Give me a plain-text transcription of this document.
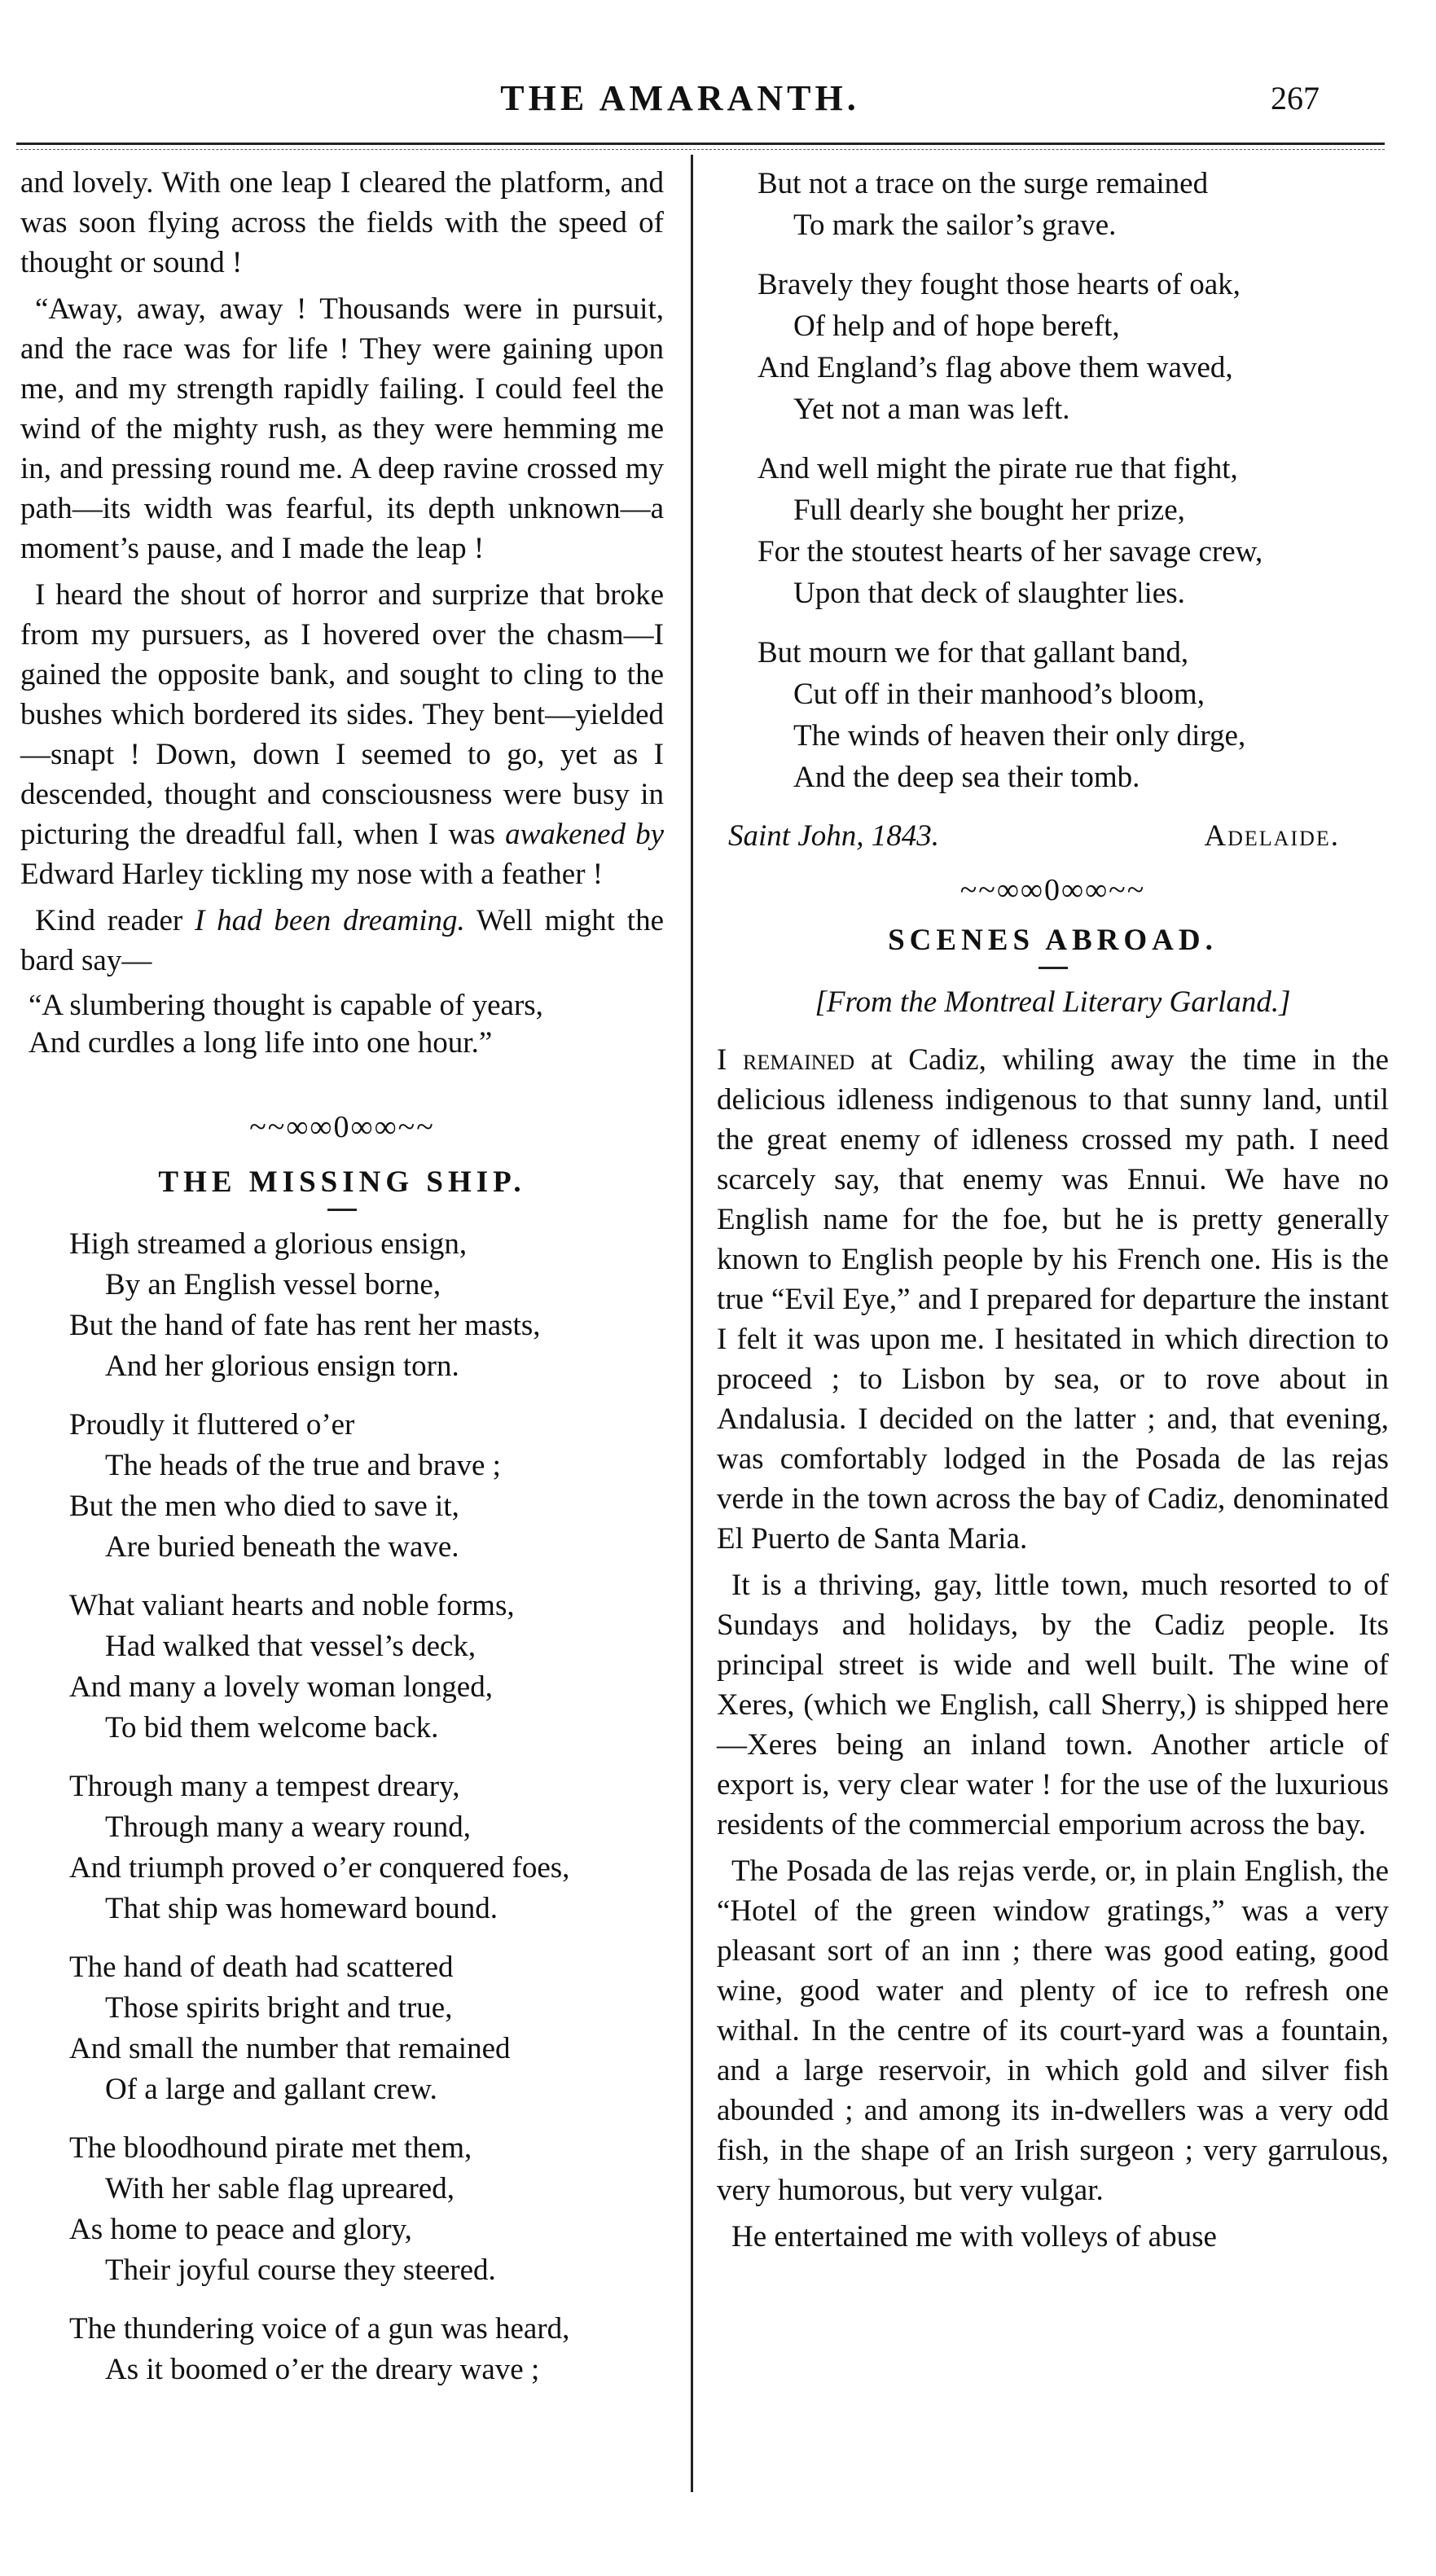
THE AMARANTH.	267

and lovely. With one leap I cleared the platform, and was soon flying across the fields with the speed of thought or sound !

“Away, away, away ! Thousands were in pursuit, and the race was for life ! They were gaining upon me, and my strength rapidly failing. I could feel the wind of the mighty rush, as they were hemming me in, and pressing round me. A deep ravine crossed my path—its width was fearful, its depth unknown—a moment’s pause, and I made the leap !

I heard the shout of horror and surprize that broke from my pursuers, as I hovered over the chasm—I gained the opposite bank, and sought to cling to the bushes which bordered its sides. They bent—yielded—snapt ! Down, down I seemed to go, yet as I descended, thought and consciousness were busy in picturing the dreadful fall, when I was awakened by Edward Harley tickling my nose with a feather !

Kind reader I had been dreaming. Well might the bard say—

“A slumbering thought is capable of years,
And curdles a long life into one hour.”
~~∞∞0∞∞~~
THE MISSING SHIP.
High streamed a glorious ensign,
By an English vessel borne,
But the hand of fate has rent her masts,
And her glorious ensign torn.
Proudly it fluttered o’er
The heads of the true and brave ;
But the men who died to save it,
Are buried beneath the wave.
What valiant hearts and noble forms,
Had walked that vessel’s deck,
And many a lovely woman longed,
To bid them welcome back.
Through many a tempest dreary,
Through many a weary round,
And triumph proved o’er conquered foes,
That ship was homeward bound.
The hand of death had scattered
Those spirits bright and true,
And small the number that remained
Of a large and gallant crew.
The bloodhound pirate met them,
With her sable flag upreared,
As home to peace and glory,
Their joyful course they steered.
The thundering voice of a gun was heard,
As it boomed o’er the dreary wave ;
But not a trace on the surge remained
To mark the sailor’s grave.
Bravely they fought those hearts of oak,
Of help and of hope bereft,
And England’s flag above them waved,
Yet not a man was left.
And well might the pirate rue that fight,
Full dearly she bought her prize,
For the stoutest hearts of her savage crew,
Upon that deck of slaughter lies.
But mourn we for that gallant band,
Cut off in their manhood’s bloom,
The winds of heaven their only dirge,
And the deep sea their tomb.
Saint John, 1843.	Adelaide.
~~∞∞0∞∞~~
SCENES ABROAD.
[From the Montreal Literary Garland.]

I remained at Cadiz, whiling away the time in the delicious idleness indigenous to that sunny land, until the great enemy of idleness crossed my path. I need scarcely say, that enemy was Ennui. We have no English name for the foe, but he is pretty generally known to English people by his French one. His is the true “Evil Eye,” and I prepared for departure the instant I felt it was upon me. I hesitated in which direction to proceed ; to Lisbon by sea, or to rove about in Andalusia. I decided on the latter ; and, that evening, was comfortably lodged in the Posada de las rejas verde in the town across the bay of Cadiz, denominated El Puerto de Santa Maria.

It is a thriving, gay, little town, much resorted to of Sundays and holidays, by the Cadiz people. Its principal street is wide and well built. The wine of Xeres, (which we English, call Sherry,) is shipped here—Xeres being an inland town. Another article of export is, very clear water ! for the use of the luxurious residents of the commercial emporium across the bay.

The Posada de las rejas verde, or, in plain English, the “Hotel of the green window gratings,” was a very pleasant sort of an inn ; there was good eating, good wine, good water and plenty of ice to refresh one withal. In the centre of its court-yard was a fountain, and a large reservoir, in which gold and silver fish abounded ; and among its in-dwellers was a very odd fish, in the shape of an Irish surgeon ; very garrulous, very humorous, but very vulgar.

He entertained me with volleys of abuse
